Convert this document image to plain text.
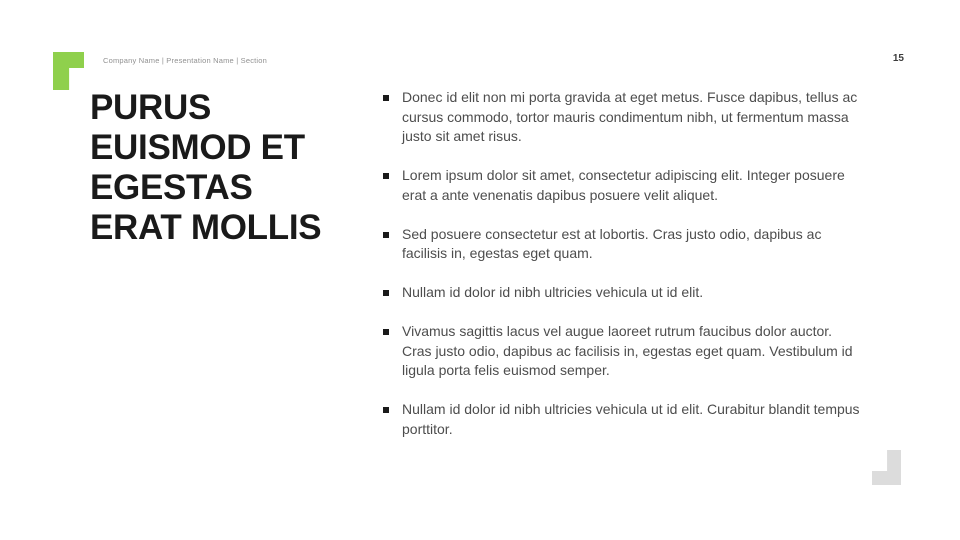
Company Name | Presentation Name | Section	15
PURUS
EUISMOD ET
EGESTAS
ERAT MOLLIS
Donec id elit non mi porta gravida at eget metus. Fusce dapibus, tellus ac cursus commodo, tortor mauris condimentum nibh, ut fermentum massa justo sit amet risus.
Lorem ipsum dolor sit amet, consectetur adipiscing elit. Integer posuere erat a ante venenatis dapibus posuere velit aliquet.
Sed posuere consectetur est at lobortis. Cras justo odio, dapibus ac facilisis in, egestas eget quam.
Nullam id dolor id nibh ultricies vehicula ut id elit.
Vivamus sagittis lacus vel augue laoreet rutrum faucibus dolor auctor. Cras justo odio, dapibus ac facilisis in, egestas eget quam. Vestibulum id ligula porta felis euismod semper.
Nullam id dolor id nibh ultricies vehicula ut id elit. Curabitur blandit tempus porttitor.
